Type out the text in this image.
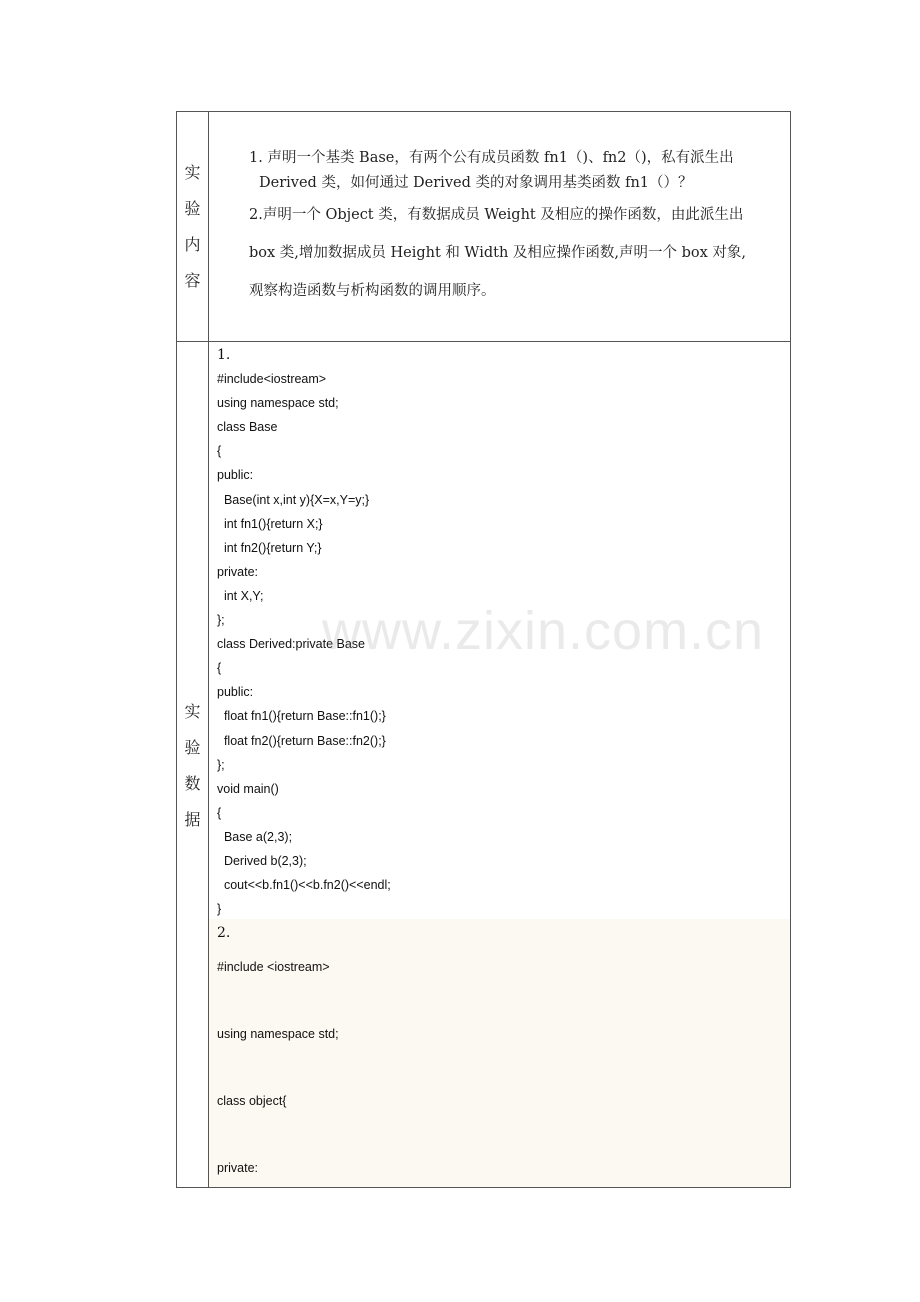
实
验
内
容

1. 声明一个基类 Base，有两个公有成员函数 fn1（)、fn2（)，私有派生出

Derived 类，如何通过 Derived 类的对象调用基类函数 fn1（）？

2.声明一个 Object 类，有数据成员 Weight 及相应的操作函数，由此派生出

box 类,增加数据成员 Height 和 Width 及相应操作函数,声明一个 box 对象,

观察构造函数与析构函数的调用顺序。

实
验
数
据
1.
#include<iostream>
using namespace std;
class Base
{
public:
Base(int x,int y){X=x,Y=y;}
int fn1(){return X;}
int fn2(){return Y;}
private:
int X,Y;
};
class Derived:private Base
{
public:
float fn1(){return Base::fn1();}
float fn2(){return Base::fn2();}
};
void main()
{
Base a(2,3);
Derived b(2,3);
cout<<b.fn1()<<b.fn2()<<endl;
}
2.
#include <iostream>
using namespace std;
class object{
private:
www.zixin.com.cn
